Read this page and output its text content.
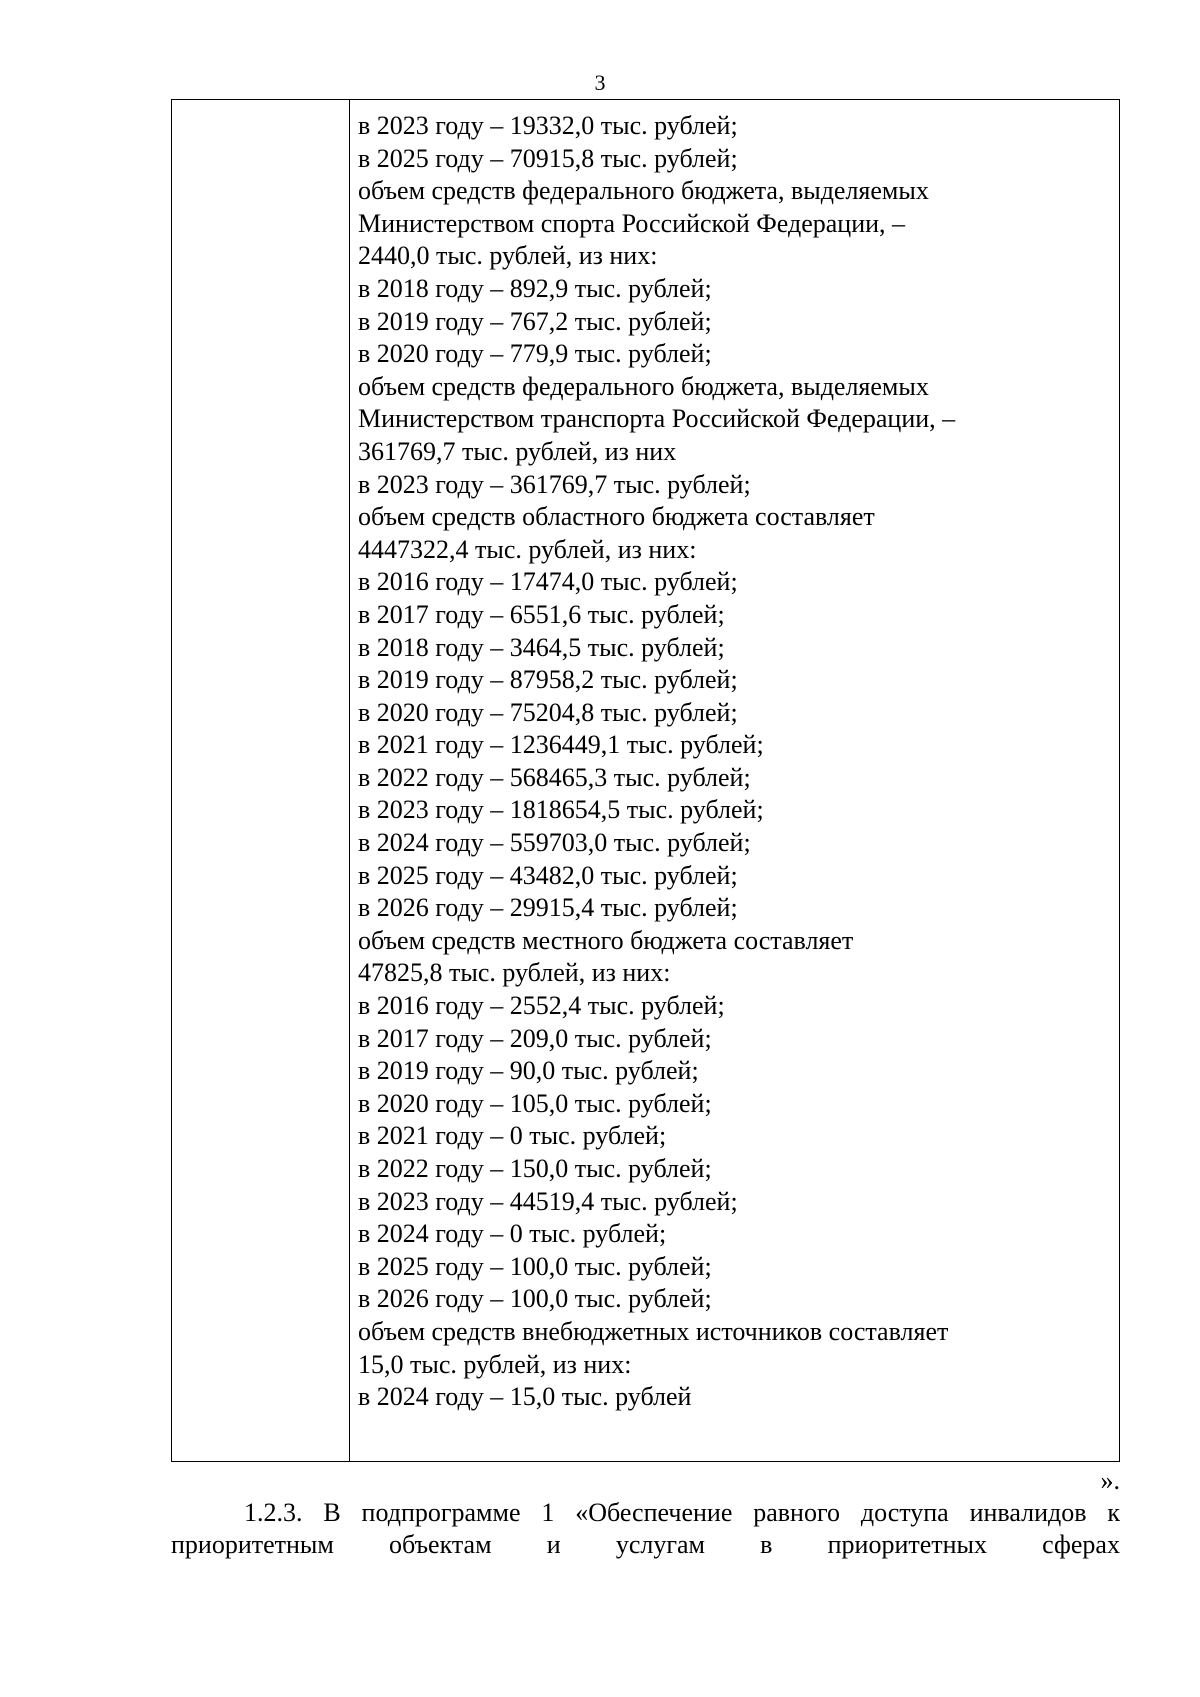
3
в 2023 году – 19332,0 тыс. рублей;
в 2025 году – 70915,8 тыс. рублей;
объем средств федерального бюджета, выделяемых
Министерством спорта Российской Федерации, –
2440,0 тыс. рублей, из них:
в 2018 году – 892,9 тыс. рублей;
в 2019 году – 767,2 тыс. рублей;
в 2020 году – 779,9 тыс. рублей;
объем средств федерального бюджета, выделяемых
Министерством транспорта Российской Федерации, –
361769,7 тыс. рублей, из них
в 2023 году – 361769,7 тыс. рублей;
объем средств областного бюджета составляет
4447322,4 тыс. рублей, из них:
в 2016 году – 17474,0 тыс. рублей;
в 2017 году – 6551,6 тыс. рублей;
в 2018 году – 3464,5 тыс. рублей;
в 2019 году – 87958,2 тыс. рублей;
в 2020 году – 75204,8 тыс. рублей;
в 2021 году – 1236449,1 тыс. рублей;
в 2022 году – 568465,3 тыс. рублей;
в 2023 году – 1818654,5 тыс. рублей;
в 2024 году – 559703,0 тыс. рублей;
в 2025 году – 43482,0 тыс. рублей;
в 2026 году – 29915,4 тыс. рублей;
объем средств местного бюджета составляет
47825,8 тыс. рублей, из них:
в 2016 году – 2552,4 тыс. рублей;
в 2017 году – 209,0 тыс. рублей;
в 2019 году – 90,0 тыс. рублей;
в 2020 году – 105,0 тыс. рублей;
в 2021 году – 0 тыс. рублей;
в 2022 году – 150,0 тыс. рублей;
в 2023 году – 44519,4 тыс. рублей;
в 2024 году – 0 тыс. рублей;
в 2025 году – 100,0 тыс. рублей;
в 2026 году – 100,0 тыс. рублей;
объем средств внебюджетных источников составляет
15,0 тыс. рублей, из них:
в 2024 году – 15,0 тыс. рублей
».
1.2.3. В подпрограмме 1 «Обеспечение равного доступа инвалидов к
приоритетным объектам и услугам в приоритетных сферах
